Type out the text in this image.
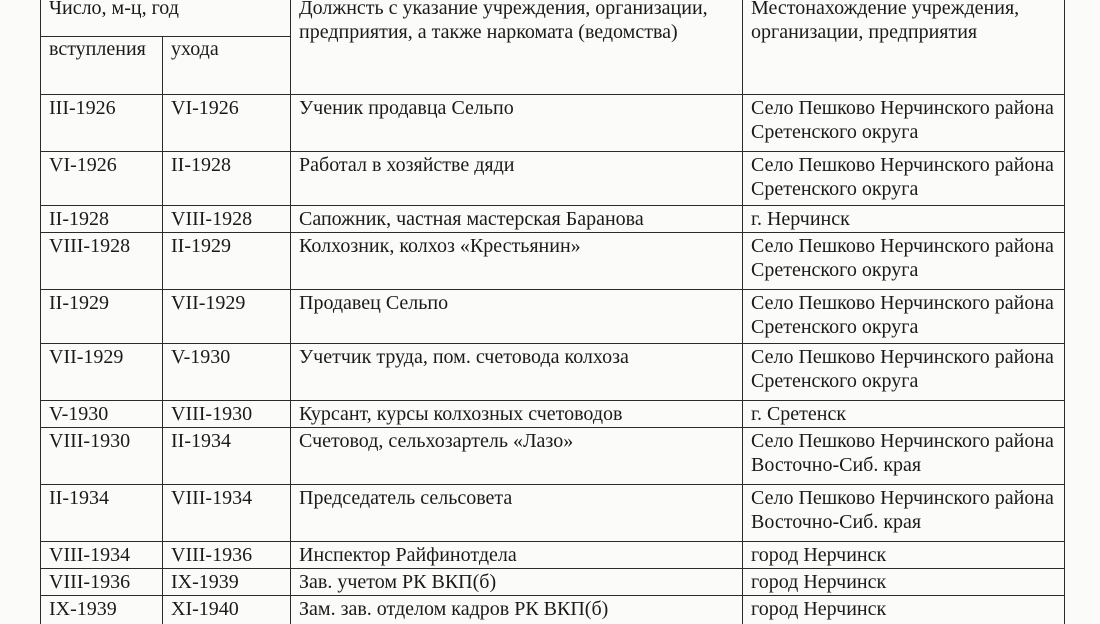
Число, м-ц, год		Должнсть с указание учреждения, организации, предприятия, а также наркомата (ведомства)	Местонахождение учреждения, организации, предприятия
вступления	ухода		
III-1926	VI-1926	Ученик продавца Сельпо	Село Пешково Нерчинского района Сретенского округа
VI-1926	II-1928	Работал в хозяйстве дяди	Село Пешково Нерчинского района Сретенского округа
II-1928	VIII-1928	Сапожник, частная мастерская Баранова	г. Нерчинск
VIII-1928	II-1929	Колхозник, колхоз «Крестьянин»	Село Пешково Нерчинского района Сретенского округа
II-1929	VII-1929	Продавец Сельпо	Село Пешково Нерчинского района Сретенского округа
VII-1929	V-1930	Учетчик труда, пом. счетовода колхоза	Село Пешково Нерчинского района Сретенского округа
V-1930	VIII-1930	Курсант, курсы колхозных счетоводов	г. Сретенск
VIII-1930	II-1934	Счетовод, сельхозартель «Лазо»	Село Пешково Нерчинского района Восточно-Сиб. края
II-1934	VIII-1934	Председатель сельсовета	Село Пешково Нерчинского района Восточно-Сиб. края
VIII-1934	VIII-1936	Инспектор Райфинотдела	город Нерчинск
VIII-1936	IX-1939	Зав. учетом РК ВКП(б)	город Нерчинск
IX-1939	XI-1940	Зам. зав. отделом кадров РК ВКП(б)	город Нерчинск
